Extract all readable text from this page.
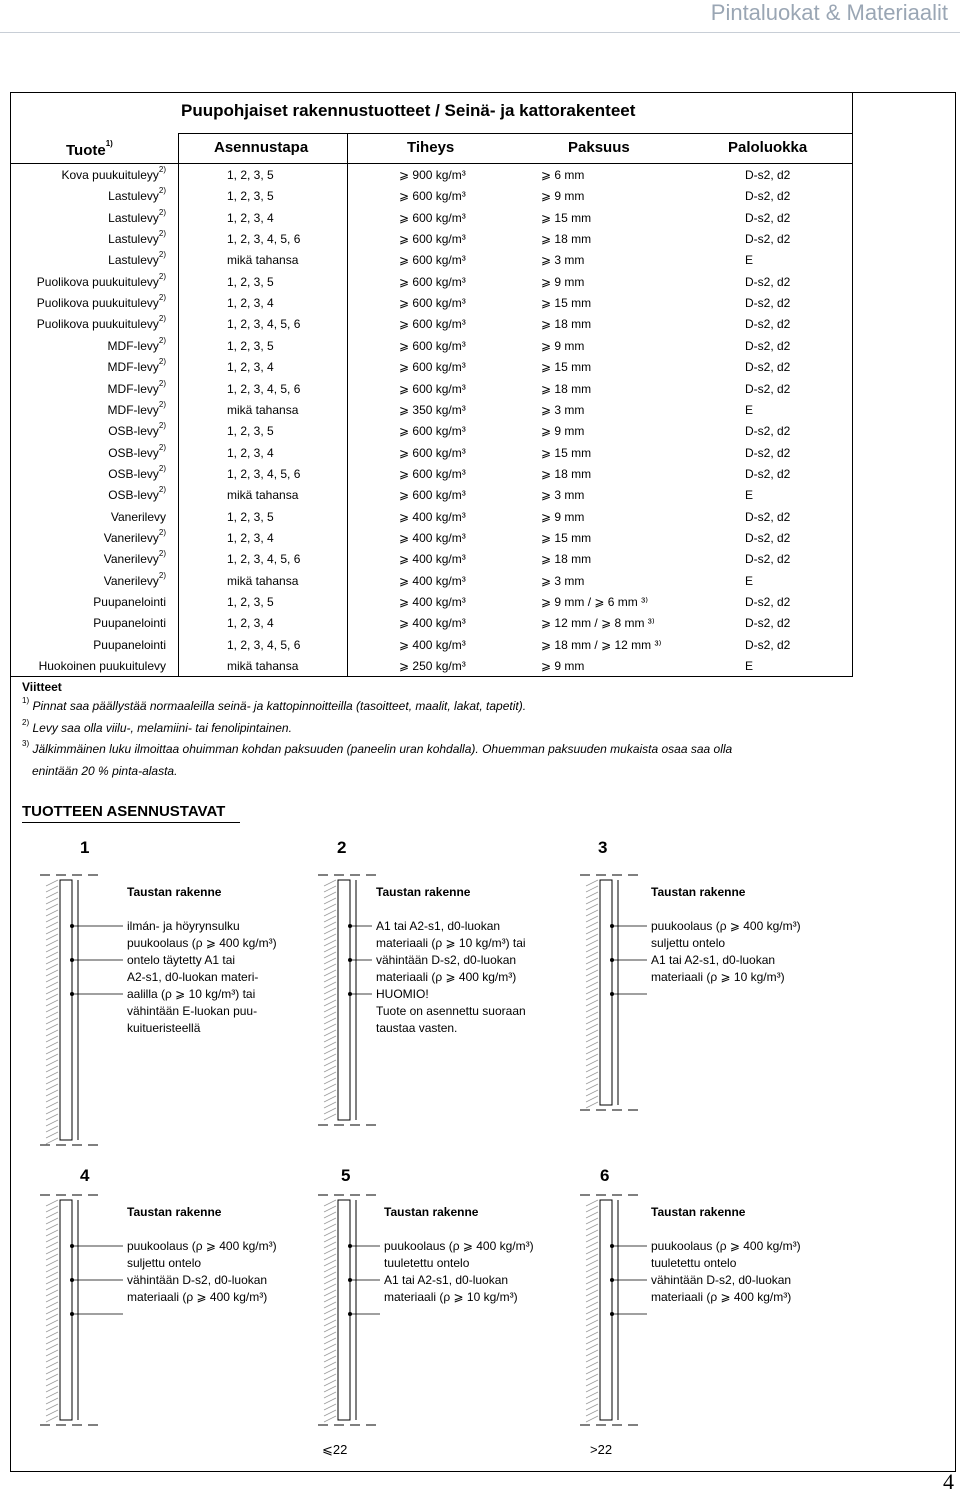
Pintaluokat & Materiaalit
Puupohjaiset rakennustuotteet / Seinä- ja kattorakenteet
Tuote$^{1)}$	Asennustapa	Tiheys	Paksuus	Paloluokka
Kova puukuituleyy$^{2)}$	1, 2, 3, 5	⩾ 900 kg/m³	⩾ 6 mm	D-s2, d2
Lastulevy$^{2)}$	1, 2, 3, 5	⩾ 600 kg/m³	⩾ 9 mm	D-s2, d2
Lastulevy$^{2)}$	1, 2, 3, 4	⩾ 600 kg/m³	⩾ 15 mm	D-s2, d2
Lastulevy$^{2)}$	1, 2, 3, 4, 5, 6	⩾ 600 kg/m³	⩾ 18 mm	D-s2, d2
Lastulevy$^{2)}$	mikä tahansa	⩾ 600 kg/m³	⩾ 3 mm	E
Puolikova puukuitulevy$^{2)}$	1, 2, 3, 5	⩾ 600 kg/m³	⩾ 9 mm	D-s2, d2
Puolikova puukuitulevy$^{2)}$	1, 2, 3, 4	⩾ 600 kg/m³	⩾ 15 mm	D-s2, d2
Puolikova puukuitulevy$^{2)}$	1, 2, 3, 4, 5, 6	⩾ 600 kg/m³	⩾ 18 mm	D-s2, d2
MDF-levy$^{2)}$	1, 2, 3, 5	⩾ 600 kg/m³	⩾ 9 mm	D-s2, d2
MDF-levy$^{2)}$	1, 2, 3, 4	⩾ 600 kg/m³	⩾ 15 mm	D-s2, d2
MDF-levy$^{2)}$	1, 2, 3, 4, 5, 6	⩾ 600 kg/m³	⩾ 18 mm	D-s2, d2
MDF-levy$^{2)}$	mikä tahansa	⩾ 350 kg/m³	⩾ 3 mm	E
OSB-levy$^{2)}$	1, 2, 3, 5	⩾ 600 kg/m³	⩾ 9 mm	D-s2, d2
OSB-levy$^{2)}$	1, 2, 3, 4	⩾ 600 kg/m³	⩾ 15 mm	D-s2, d2
OSB-levy$^{2)}$	1, 2, 3, 4, 5, 6	⩾ 600 kg/m³	⩾ 18 mm	D-s2, d2
OSB-levy$^{2)}$	mikä tahansa	⩾ 600 kg/m³	⩾ 3 mm	E
Vanerilevy	1, 2, 3, 5	⩾ 400 kg/m³	⩾ 9 mm	D-s2, d2
Vanerilevy$^{2)}$	1, 2, 3, 4	⩾ 400 kg/m³	⩾ 15 mm	D-s2, d2
Vanerilevy$^{2)}$	1, 2, 3, 4, 5, 6	⩾ 400 kg/m³	⩾ 18 mm	D-s2, d2
Vanerilevy$^{2)}$	mikä tahansa	⩾ 400 kg/m³	⩾ 3 mm	E
Puupanelointi	1, 2, 3, 5	⩾ 400 kg/m³	⩾ 9 mm / ⩾ 6 mm ³⁾	D-s2, d2
Puupanelointi	1, 2, 3, 4	⩾ 400 kg/m³	⩾ 12 mm / ⩾ 8 mm ³⁾	D-s2, d2
Puupanelointi	1, 2, 3, 4, 5, 6	⩾ 400 kg/m³	⩾ 18 mm / ⩾ 12 mm ³⁾	D-s2, d2
Huokoinen puukuitulevy	mikä tahansa	⩾ 250 kg/m³	⩾ 9 mm	E
Viitteet
$^{1)}$ Pinnat saa päällystää normaaleilla seinä- ja kattopinnoitteilla (tasoitteet, maalit, lakat, tapetit).
$^{2)}$ Levy saa olla viilu-, melamiini- tai fenolipintainen.
$^{3)}$ Jälkimmäinen luku ilmoittaa ohuimman kohdan paksuuden (paneelin uran kohdalla). Ohuemman paksuuden mukaista osaa saa olla
enintään 20 % pinta-alasta.
TUOTTEEN ASENNUSTAVAT
1
Taustan rakenne
ilmán- ja höyrynsulku
puukoolaus (ρ ⩾ 400 kg/m³)
ontelo täytetty A1 tai
A2-s1, d0-luokan materi-
aalilla (ρ ⩾ 10 kg/m³) tai
vähintään E-luokan puu-
kuitueristeellä
2
Taustan rakenne
A1 tai A2-s1, d0-luokan
materiaali (ρ ⩾ 10 kg/m³) tai
vähintään D-s2, d0-luokan
materiaali (ρ ⩾ 400 kg/m³)
HUOMIO!
Tuote on asennettu suoraan
taustaa vasten.
3
Taustan rakenne
puukoolaus (ρ ⩾ 400 kg/m³)
suljettu ontelo
A1 tai A2-s1, d0-luokan
materiaali (ρ ⩾ 10 kg/m³)
4
Taustan rakenne
puukoolaus (ρ ⩾ 400 kg/m³)
suljettu ontelo
vähintään D-s2, d0-luokan
materiaali (ρ ⩾ 400 kg/m³)
5
Taustan rakenne
puukoolaus (ρ ⩾ 400 kg/m³)
tuuletettu ontelo
A1 tai A2-s1, d0-luokan
materiaali (ρ ⩾ 10 kg/m³)
6
Taustan rakenne
puukoolaus (ρ ⩾ 400 kg/m³)
tuuletettu ontelo
vähintään D-s2, d0-luokan
materiaali (ρ ⩾ 400 kg/m³)
⩽22	>22
4
